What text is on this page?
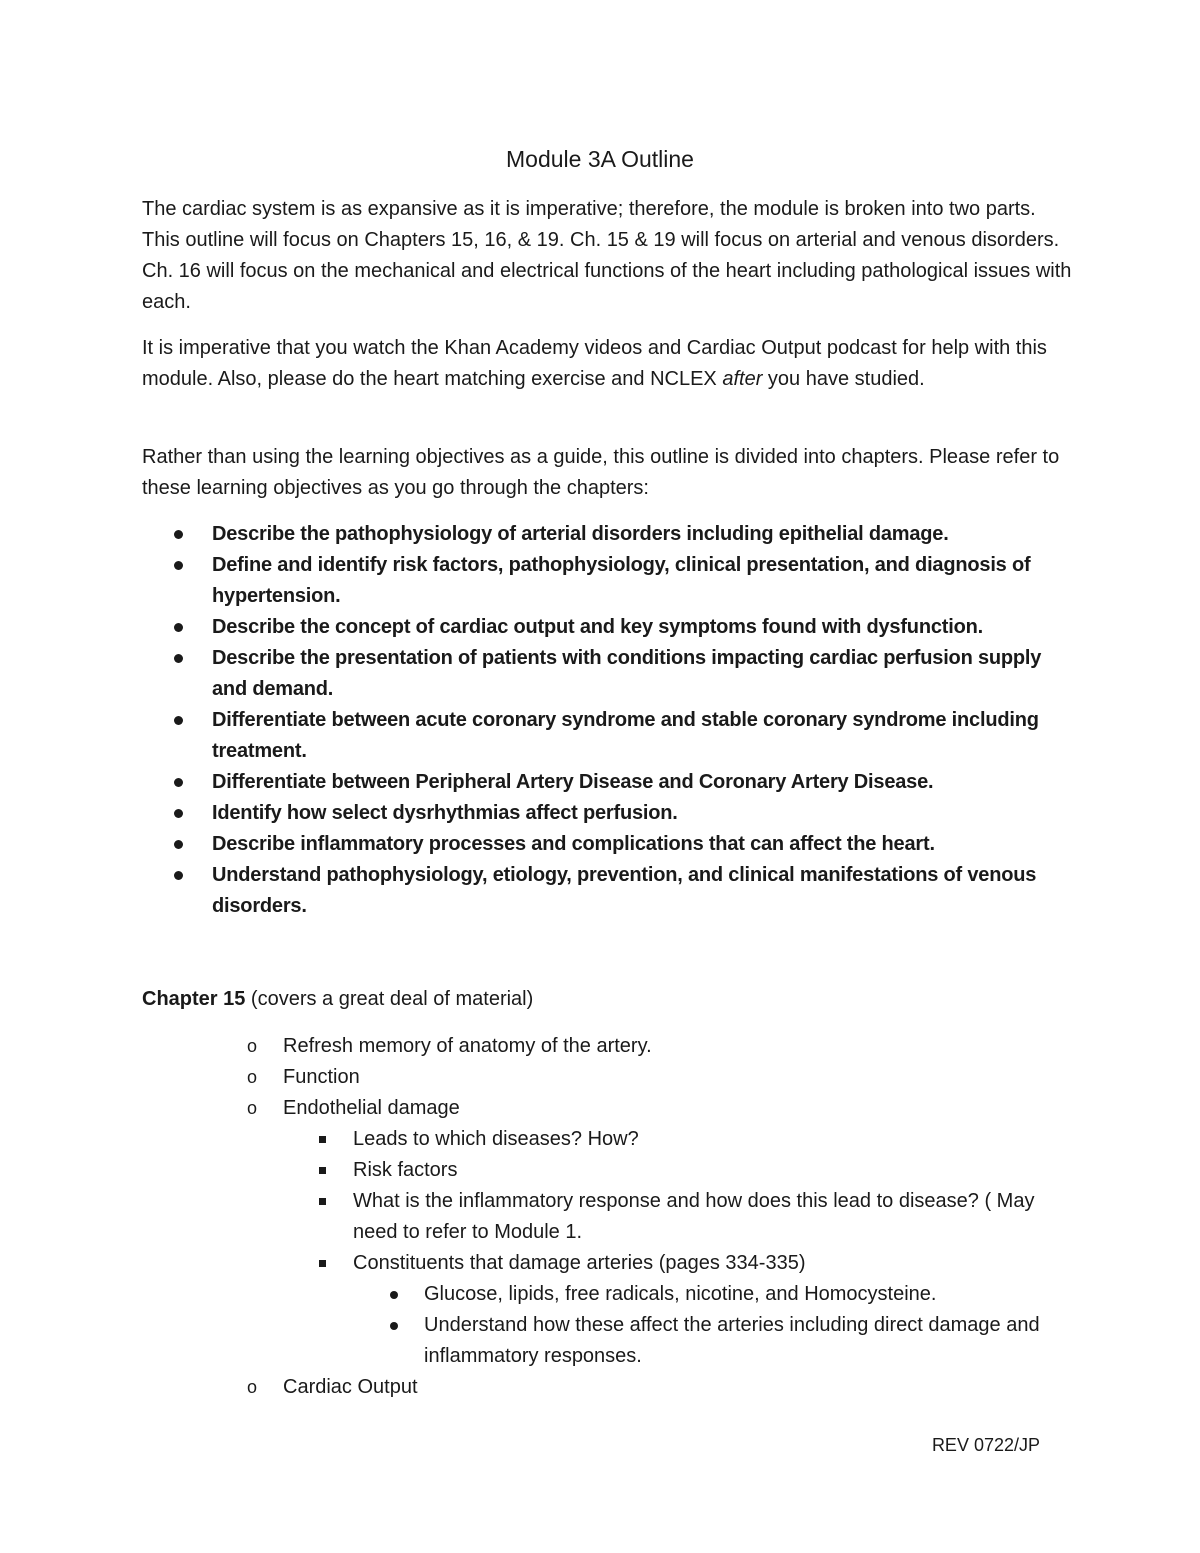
Module 3A Outline

The cardiac system is as expansive as it is imperative; therefore, the module is broken into two parts. This outline will focus on Chapters 15, 16, & 19. Ch. 15 & 19 will focus on arterial and venous disorders. Ch. 16 will focus on the mechanical and electrical functions of the heart including pathological issues with each.

It is imperative that you watch the Khan Academy videos and Cardiac Output podcast for help with this module. Also, please do the heart matching exercise and NCLEX after you have studied.

Rather than using the learning objectives as a guide, this outline is divided into chapters. Please refer to these learning objectives as you go through the chapters:

Describe the pathophysiology of arterial disorders including epithelial damage.
Define and identify risk factors, pathophysiology, clinical presentation, and diagnosis of hypertension.
Describe the concept of cardiac output and key symptoms found with dysfunction.
Describe the presentation of patients with conditions impacting cardiac perfusion supply and demand.
Differentiate between acute coronary syndrome and stable coronary syndrome including treatment.
Differentiate between Peripheral Artery Disease and Coronary Artery Disease.
Identify how select dysrhythmias affect perfusion.
Describe inflammatory processes and complications that can affect the heart.
Understand pathophysiology, etiology, prevention, and clinical manifestations of venous disorders.
Chapter 15 (covers a great deal of material)
o Refresh memory of anatomy of the artery.
o Function
o Endothelial damage
Leads to which diseases? How?
Risk factors
What is the inflammatory response and how does this lead to disease? ( May need to refer to Module 1.
Constituents that damage arteries (pages 334-335)
Glucose, lipids, free radicals, nicotine, and Homocysteine.
Understand how these affect the arteries including direct damage and inflammatory responses.
o Cardiac Output
REV 0722/JP
